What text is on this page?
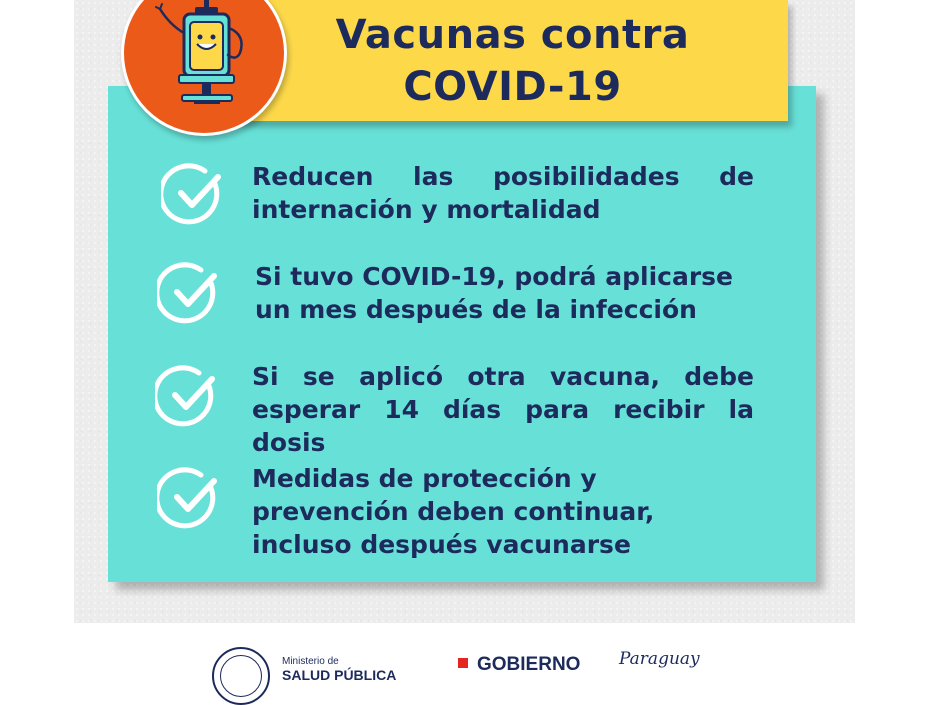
Reducen las posibilidades de
internación y mortalidad
Si tuvo COVID-19, podrá aplicarse
un mes después de la infección
Si se aplicó otra vacuna, debe
esperar 14 días para recibir la dosis
Medidas de protección y
prevención deben continuar,
incluso después vacunarse
Vacunas contra
COVID-19
Ministerio de
SALUD PÚBLICA	GOBIERNO Paraguay
